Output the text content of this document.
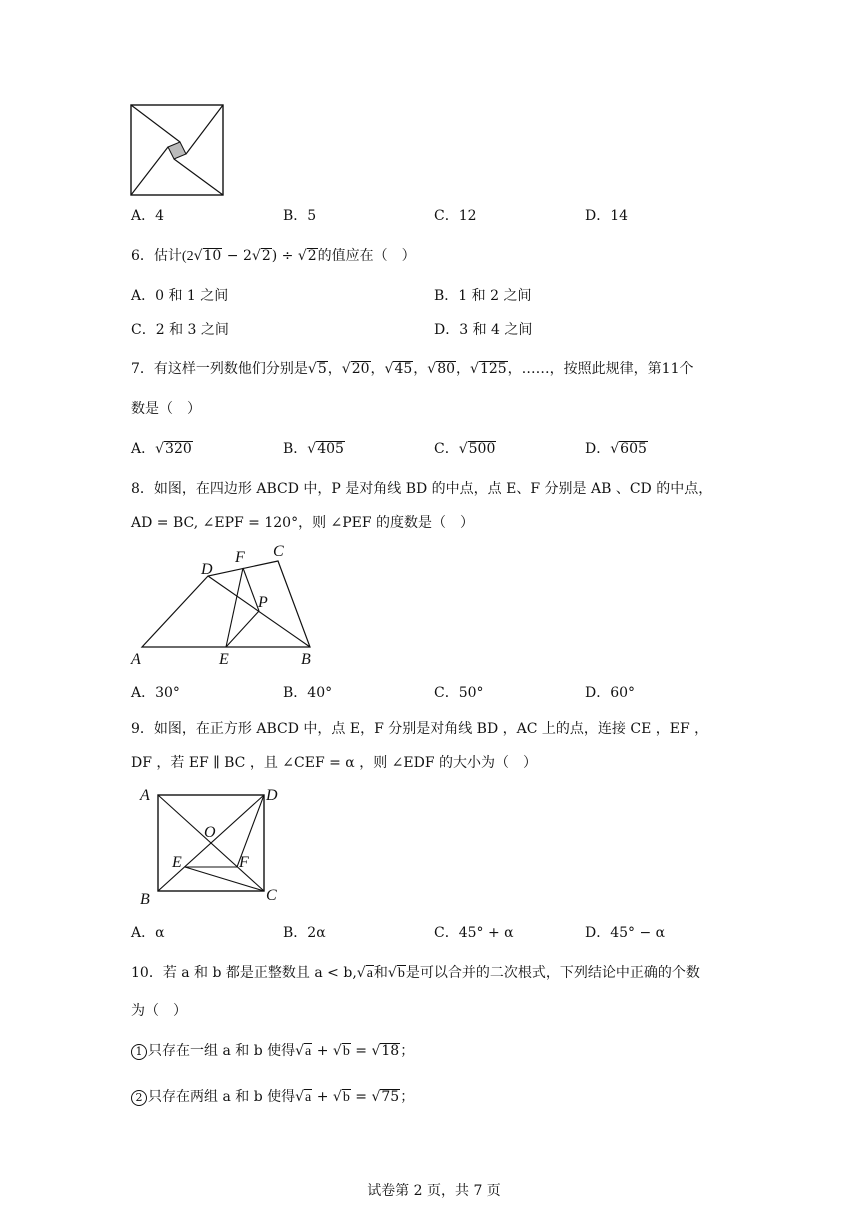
A．4	B．5	C．12	D．14
6．估计(2√10 − 2√2) ÷ √2的值应在（　）
A．0 和 1 之间	B．1 和 2 之间
C．2 和 3 之间	D．3 和 4 之间
7．有这样一列数他们分别是√5，√20，√45，√80，√125，……，按照此规律，第11个
数是（　）
A．√320	B．√405	C．√500	D．√605
8．如图，在四边形 ABCD 中，P 是对角线 BD 的中点，点 E、F 分别是 AB 、CD 的中点，
AD = BC, ∠EPF = 120°，则 ∠PEF 的度数是（　）
A	B
C
D
E
F
P
A．30°	B．40°	C．50°	D．60°
9．如图，在正方形 ABCD 中，点 E，F 分别是对角线 BD ，AC 上的点，连接 CE ，EF ，
DF ，若 EF ∥ BC ，且 ∠CEF = α ，则 ∠EDF 的大小为（　）
A	D
B	C
O
E	F
A．α	B．2α	C．45° + α	D．45° − α
10．若 a 和 b 都是正整数且 a < b,√a和√b是可以合并的二次根式，下列结论中正确的个数
为（　）
1 只存在一组 a 和 b 使得√a + √b = √18；
2 只存在两组 a 和 b 使得√a + √b = √75；
试卷第 2 页，共 7 页
